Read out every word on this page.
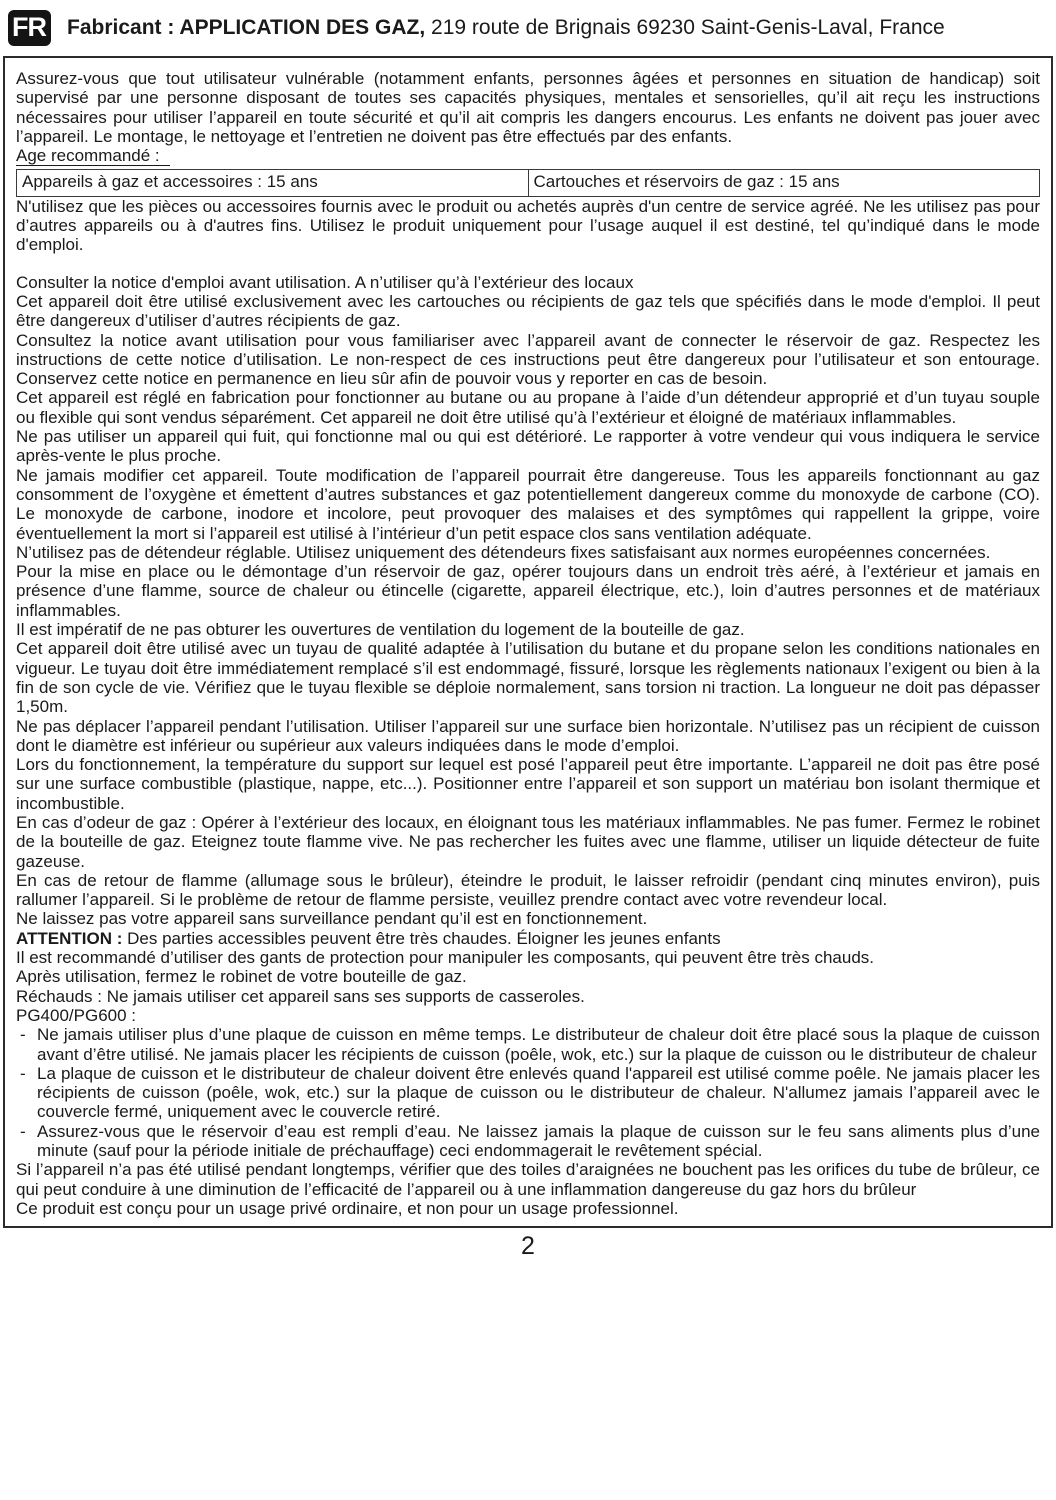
FR Fabricant : APPLICATION DES GAZ, 219 route de Brignais 69230 Saint-Genis-Laval, France

Assurez-vous que tout utilisateur vulnérable (notamment enfants, personnes âgées et personnes en situation de handicap) soit supervisé par une personne disposant de toutes ses capacités physiques, mentales et sensorielles, qu’il ait reçu les instructions nécessaires pour utiliser l’appareil en toute sécurité et qu’il ait compris les dangers encourus. Les enfants ne doivent pas jouer avec l’appareil. Le montage, le nettoyage et l’entretien ne doivent pas être effectués par des enfants.

Age recommandé :

Appareils à gaz et accessoires : 15 ans	Cartouches et réservoirs de gaz : 15 ans

N'utilisez que les pièces ou accessoires fournis avec le produit ou achetés auprès d'un centre de service agréé. Ne les utilisez pas pour d’autres appareils ou à d'autres fins. Utilisez le produit uniquement pour l’usage auquel il est destiné, tel qu’indiqué dans le mode d'emploi.

Consulter la notice d'emploi avant utilisation. A n’utiliser qu’à l’extérieur des locaux

Cet appareil doit être utilisé exclusivement avec les cartouches ou récipients de gaz tels que spécifiés dans le mode d'emploi. Il peut être dangereux d’utiliser d’autres récipients de gaz.

Consultez la notice avant utilisation pour vous familiariser avec l’appareil avant de connecter le réservoir de gaz. Respectez les instructions de cette notice d’utilisation. Le non-respect de ces instructions peut être dangereux pour l’utilisateur et son entourage. Conservez cette notice en permanence en lieu sûr afin de pouvoir vous y reporter en cas de besoin.

Cet appareil est réglé en fabrication pour fonctionner au butane ou au propane à l’aide d’un détendeur approprié et d’un tuyau souple ou flexible qui sont vendus séparément. Cet appareil ne doit être utilisé qu’à l’extérieur et éloigné de matériaux inflammables.

Ne pas utiliser un appareil qui fuit, qui fonctionne mal ou qui est détérioré. Le rapporter à votre vendeur qui vous indiquera le service après-vente le plus proche.

Ne jamais modifier cet appareil. Toute modification de l’appareil pourrait être dangereuse. Tous les appareils fonctionnant au gaz consomment de l’oxygène et émettent d’autres substances et gaz potentiellement dangereux comme du monoxyde de carbone (CO). Le monoxyde de carbone, inodore et incolore, peut provoquer des malaises et des symptômes qui rappellent la grippe, voire éventuellement la mort si l’appareil est utilisé à l’intérieur d’un petit espace clos sans ventilation adéquate.

N’utilisez pas de détendeur réglable. Utilisez uniquement des détendeurs fixes satisfaisant aux normes européennes concernées.

Pour la mise en place ou le démontage d’un réservoir de gaz, opérer toujours dans un endroit très aéré, à l’extérieur et jamais en présence d’une flamme, source de chaleur ou étincelle (cigarette, appareil électrique, etc.), loin d’autres personnes et de matériaux inflammables.

Il est impératif de ne pas obturer les ouvertures de ventilation du logement de la bouteille de gaz.

Cet appareil doit être utilisé avec un tuyau de qualité adaptée à l’utilisation du butane et du propane selon les conditions nationales en vigueur. Le tuyau doit être immédiatement remplacé s’il est endommagé, fissuré, lorsque les règlements nationaux l’exigent ou bien à la fin de son cycle de vie. Vérifiez que le tuyau flexible se déploie normalement, sans torsion ni traction. La longueur ne doit pas dépasser 1,50m.

Ne pas déplacer l’appareil pendant l’utilisation. Utiliser l’appareil sur une surface bien horizontale. N’utilisez pas un récipient de cuisson dont le diamètre est inférieur ou supérieur aux valeurs indiquées dans le mode d’emploi.

Lors du fonctionnement, la température du support sur lequel est posé l’appareil peut être importante. L’appareil ne doit pas être posé sur une surface combustible (plastique, nappe, etc...). Positionner entre l’appareil et son support un matériau bon isolant thermique et incombustible.

En cas d’odeur de gaz : Opérer à l’extérieur des locaux, en éloignant tous les matériaux inflammables. Ne pas fumer. Fermez le robinet de la bouteille de gaz. Eteignez toute flamme vive. Ne pas rechercher les fuites avec une flamme, utiliser un liquide détecteur de fuite gazeuse.

En cas de retour de flamme (allumage sous le brûleur), éteindre le produit, le laisser refroidir (pendant cinq minutes environ), puis rallumer l’appareil. Si le problème de retour de flamme persiste, veuillez prendre contact avec votre revendeur local.

Ne laissez pas votre appareil sans surveillance pendant qu’il est en fonctionnement.

ATTENTION : Des parties accessibles peuvent être très chaudes. Éloigner les jeunes enfants

Il est recommandé d’utiliser des gants de protection pour manipuler les composants, qui peuvent être très chauds.

Après utilisation, fermez le robinet de votre bouteille de gaz.

Réchauds : Ne jamais utiliser cet appareil sans ses supports de casseroles.

PG400/PG600 :

- Ne jamais utiliser plus d’une plaque de cuisson en même temps. Le distributeur de chaleur doit être placé sous la plaque de cuisson avant d’être utilisé. Ne jamais placer les récipients de cuisson (poêle, wok, etc.) sur la plaque de cuisson ou le distributeur de chaleur
- La plaque de cuisson et le distributeur de chaleur doivent être enlevés quand l'appareil est utilisé comme poêle. Ne jamais placer les récipients de cuisson (poêle, wok, etc.) sur la plaque de cuisson ou le distributeur de chaleur. N'allumez jamais l’appareil avec le couvercle fermé, uniquement avec le couvercle retiré.
- Assurez-vous que le réservoir d’eau est rempli d’eau. Ne laissez jamais la plaque de cuisson sur le feu sans aliments plus d’une minute (sauf pour la période initiale de préchauffage) ceci endommagerait le revêtement spécial.

Si l’appareil n’a pas été utilisé pendant longtemps, vérifier que des toiles d’araignées ne bouchent pas les orifices du tube de brûleur, ce qui peut conduire à une diminution de l’efficacité de l’appareil ou à une inflammation dangereuse du gaz hors du brûleur

Ce produit est conçu pour un usage privé ordinaire, et non pour un usage professionnel.

2
